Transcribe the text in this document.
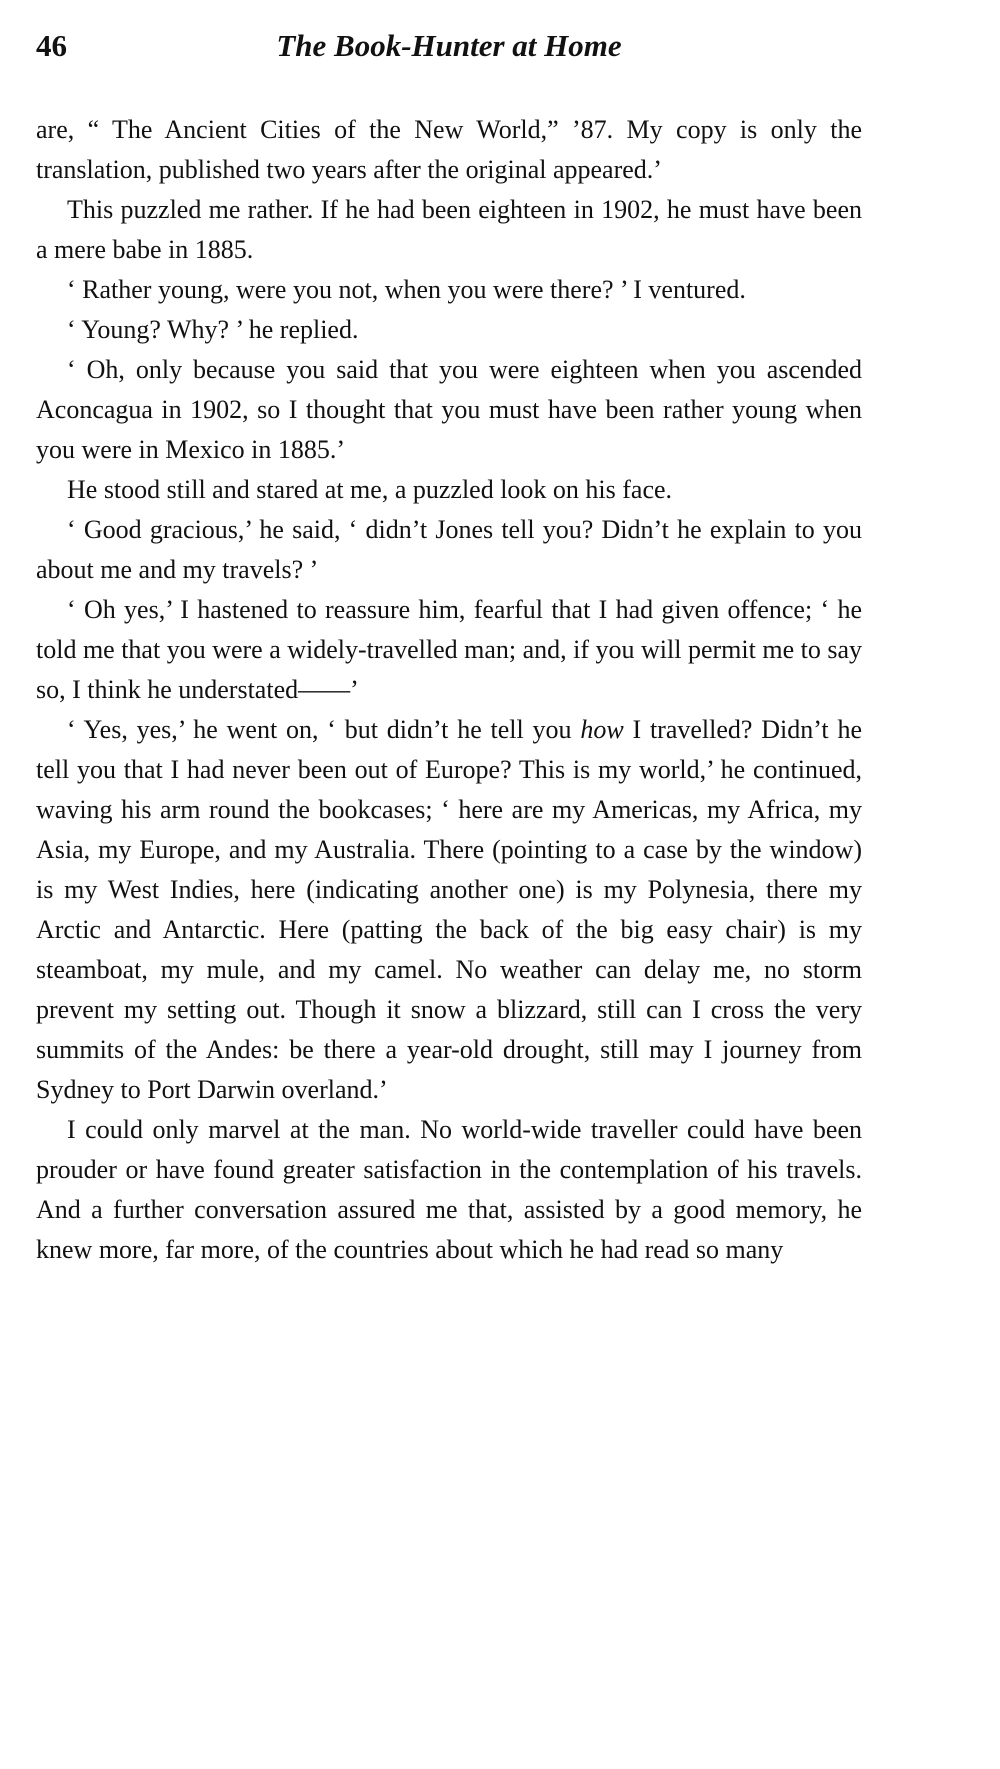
46	The Book-Hunter at Home

are, “ The Ancient Cities of the New World,” ’87. My copy is only the translation, published two years after the original appeared.’

This puzzled me rather. If he had been eighteen in 1902, he must have been a mere babe in 1885.

‘ Rather young, were you not, when you were there? ’ I ventured.

‘ Young? Why? ’ he replied.

‘ Oh, only because you said that you were eighteen when you ascended Aconcagua in 1902, so I thought that you must have been rather young when you were in Mexico in 1885.’

He stood still and stared at me, a puzzled look on his face.

‘ Good gracious,’ he said, ‘ didn’t Jones tell you? Didn’t he explain to you about me and my travels? ’

‘ Oh yes,’ I hastened to reassure him, fearful that I had given offence; ‘ he told me that you were a widely-travelled man; and, if you will permit me to say so, I think he understated——’

‘ Yes, yes,’ he went on, ‘ but didn’t he tell you how I travelled? Didn’t he tell you that I had never been out of Europe? This is my world,’ he continued, waving his arm round the bookcases; ‘ here are my Americas, my Africa, my Asia, my Europe, and my Australia. There (pointing to a case by the window) is my West Indies, here (indicating another one) is my Polynesia, there my Arctic and Antarctic. Here (patting the back of the big easy chair) is my steamboat, my mule, and my camel. No weather can delay me, no storm prevent my setting out. Though it snow a blizzard, still can I cross the very summits of the Andes: be there a year-old drought, still may I journey from Sydney to Port Darwin overland.’

I could only marvel at the man. No world-wide traveller could have been prouder or have found greater satisfaction in the contemplation of his travels. And a further conversation assured me that, assisted by a good memory, he knew more, far more, of the countries about which he had read so many
